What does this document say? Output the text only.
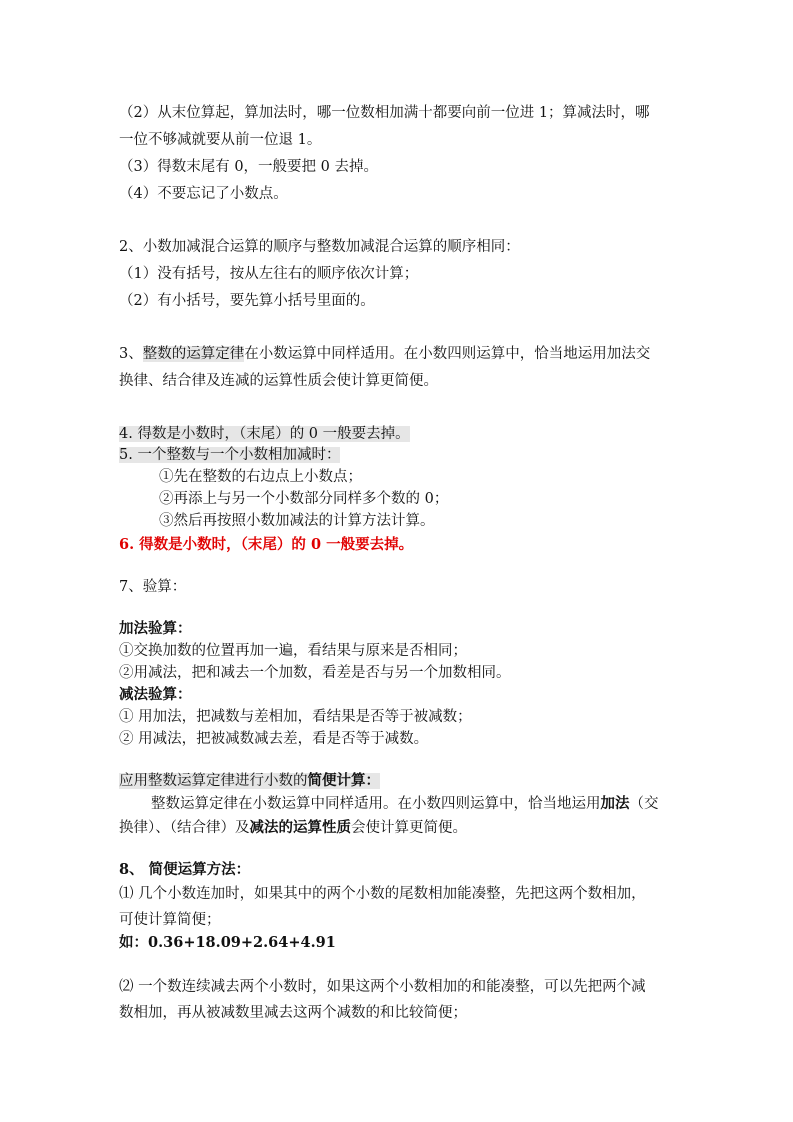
（2）从末位算起，算加法时，哪一位数相加满十都要向前一位进 1；算减法时，哪
一位不够减就要从前一位退 1。
（3）得数末尾有 0，一般要把 0 去掉。
（4）不要忘记了小数点。
2、小数加减混合运算的顺序与整数加减混合运算的顺序相同：
（1）没有括号，按从左往右的顺序依次计算；
（2）有小括号，要先算小括号里面的。
3、整数的运算定律在小数运算中同样适用。在小数四则运算中，恰当地运用加法交
换律、结合律及连减的运算性质会使计算更简便。
4. 得数是小数时，（末尾）的 0 一般要去掉。
5. 一个整数与一个小数相加减时：
①先在整数的右边点上小数点；
②再添上与另一个小数部分同样多个数的 0；
③然后再按照小数加减法的计算方法计算。
6. 得数是小数时，（末尾）的 0 一般要去掉。
7、验算：
加法验算：
①交换加数的位置再加一遍，看结果与原来是否相同；
②用减法，把和减去一个加数，看差是否与另一个加数相同。
减法验算：
① 用加法，把减数与差相加，看结果是否等于被减数；
② 用减法，把被减数减去差，看是否等于减数。
应用整数运算定律进行小数的简便计算：
整数运算定律在小数运算中同样适用。在小数四则运算中，恰当地运用加法（交
换律）、（结合律）及减法的运算性质会使计算更简便。
8、 简便运算方法：
⑴ 几个小数连加时，如果其中的两个小数的尾数相加能凑整，先把这两个数相加，
可使计算简便；
如：0.36+18.09+2.64+4.91
⑵ 一个数连续减去两个小数时，如果这两个小数相加的和能凑整，可以先把两个减
数相加，再从被减数里减去这两个减数的和比较简便；
